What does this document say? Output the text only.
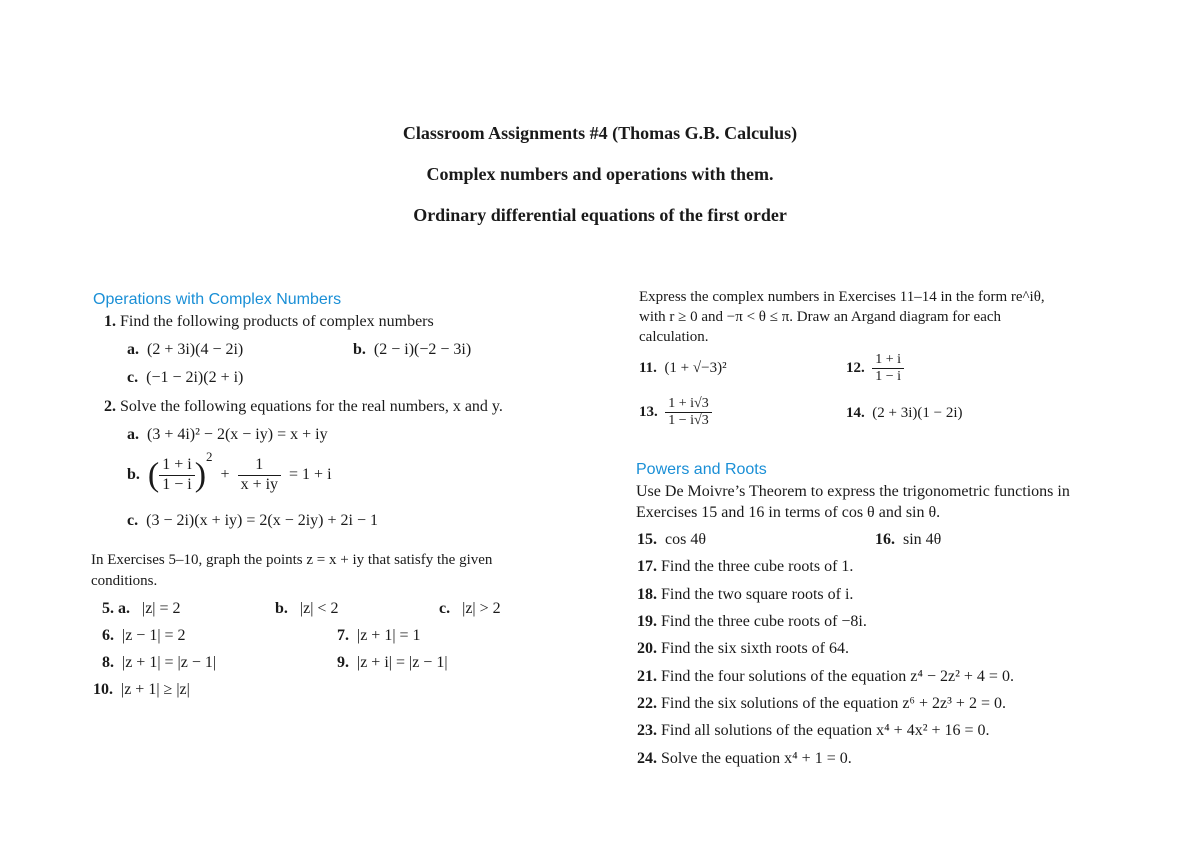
Classroom Assignments #4 (Thomas G.B. Calculus)
Complex numbers and operations with them.
Ordinary differential equations of the first order
Operations with Complex Numbers
1. Find the following products of complex numbers
a. (2 + 3i)(4 − 2i)	b. (2 − i)(−2 − 3i)
c. (−1 − 2i)(2 + i)
2. Solve the following equations for the real numbers, x and y.
a. (3 + 4i)² − 2(x − iy) = x + iy
b. ( $\frac{1 + i}{1 - i} )^2 + \frac{1}{x + iy} = 1 + i$
c. (3 − 2i)(x + iy) = 2(x − 2iy) + 2i − 1
In Exercises 5–10, graph the points z = x + iy that satisfy the given
conditions.
5. a. |z| = 2	b. |z| < 2	c. |z| > 2
6. |z − 1| = 2	7. |z + 1| = 1
8. |z + 1| = |z − 1|	9. |z + i| = |z − 1|
10. |z + 1| ≥ |z|
Express the complex numbers in Exercises 11–14 in the form re^iθ,
with r ≥ 0 and −π < θ ≤ π. Draw an Argand diagram for each
calculation.
11. (1 + √−3)²	12. $\frac{1 + i}{1 - i}$
13. $\frac{1 + i√3}{1 - i√3}$	14. (2 + 3i)(1 − 2i)
Powers and Roots
Use De Moivre’s Theorem to express the trigonometric functions in
Exercises 15 and 16 in terms of cos θ and sin θ.
15. cos 4θ	16. sin 4θ
17. Find the three cube roots of 1.
18. Find the two square roots of i.
19. Find the three cube roots of −8i.
20. Find the six sixth roots of 64.
21. Find the four solutions of the equation z⁴ − 2z² + 4 = 0.
22. Find the six solutions of the equation z⁶ + 2z³ + 2 = 0.
23. Find all solutions of the equation x⁴ + 4x² + 16 = 0.
24. Solve the equation x⁴ + 1 = 0.
